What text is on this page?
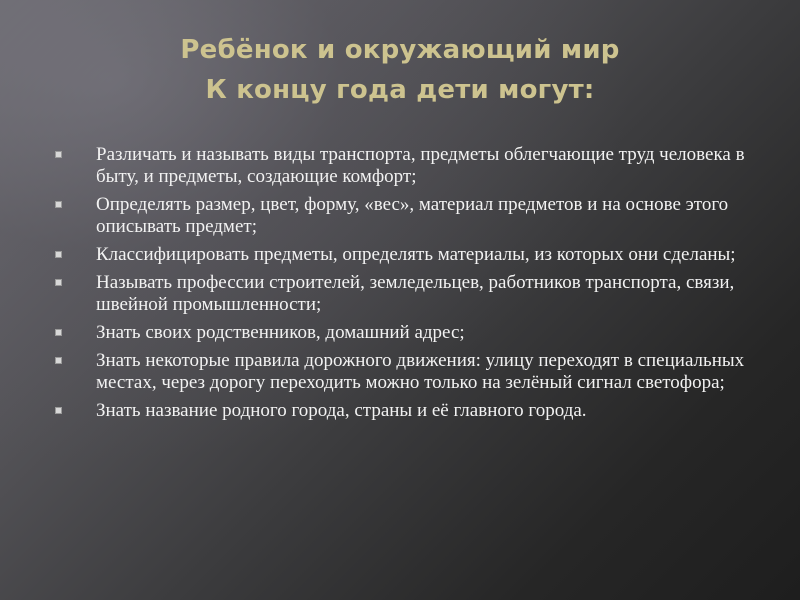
Ребёнок и окружающий мир
К концу года дети могут:
Различать и называть виды транспорта, предметы облегчающие труд человека в быту, и предметы, создающие комфорт;
Определять размер, цвет, форму, «вес», материал предметов и на основе этого описывать предмет;
Классифицировать предметы, определять материалы, из которых они сделаны;
Называть профессии строителей, земледельцев, работников транспорта, связи, швейной промышленности;
Знать своих родственников, домашний адрес;
Знать некоторые правила дорожного движения: улицу переходят в специальных местах, через дорогу переходить можно только на зелёный сигнал светофора;
Знать название родного города, страны и её главного города.
